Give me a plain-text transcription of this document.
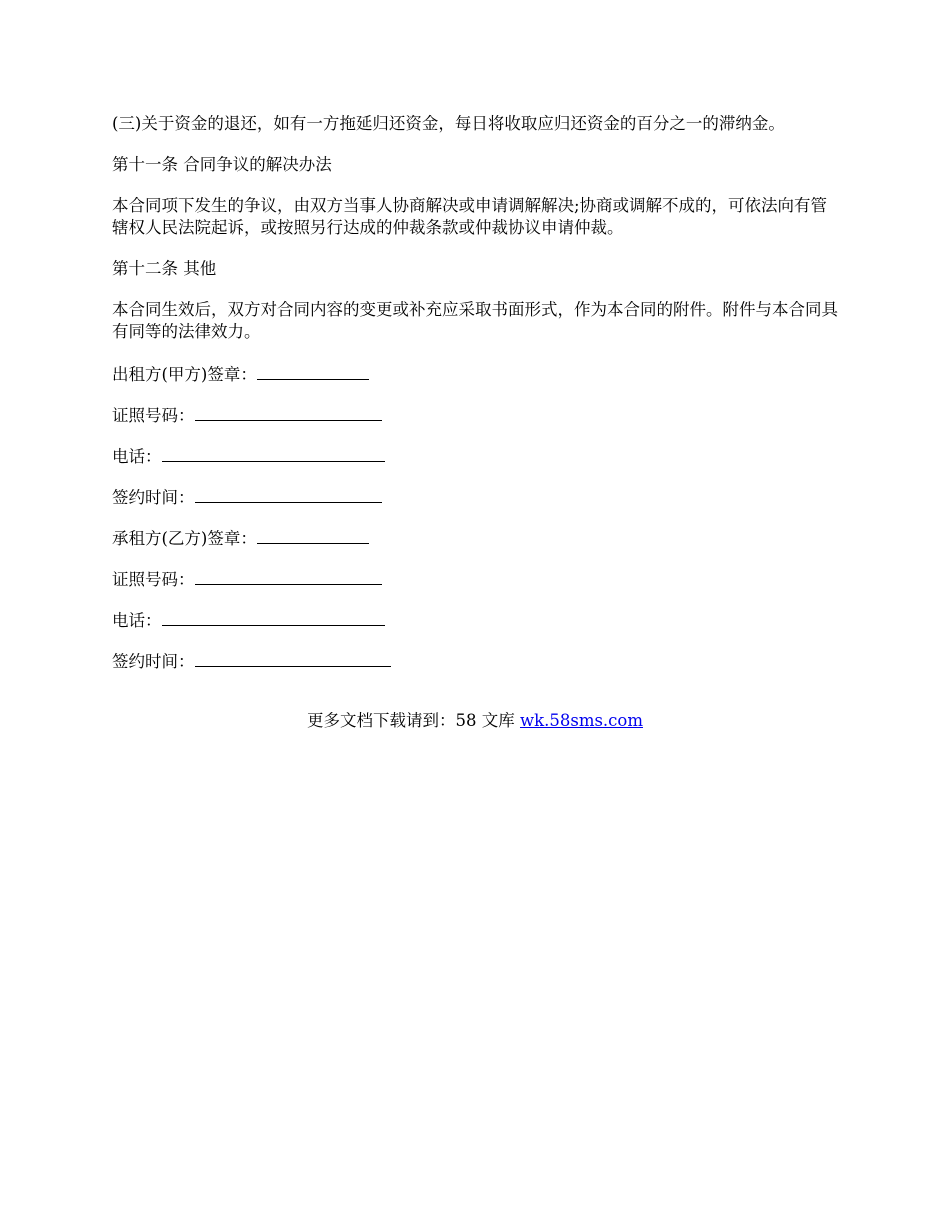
(三)关于资金的退还，如有一方拖延归还资金，每日将收取应归还资金的百分之一的滞纳金。

第十一条 合同争议的解决办法

本合同项下发生的争议，由双方当事人协商解决或申请调解解决;协商或调解不成的，可依法向有管辖权人民法院起诉，或按照另行达成的仲裁条款或仲裁协议申请仲裁。

第十二条 其他

本合同生效后，双方对合同内容的变更或补充应采取书面形式，作为本合同的附件。附件与本合同具有同等的法律效力。

出租方(甲方)签章：
证照号码：
电话：
签约时间：
承租方(乙方)签章：
证照号码：
电话：
签约时间：
更多文档下载请到：58 文库 wk.58sms.com
